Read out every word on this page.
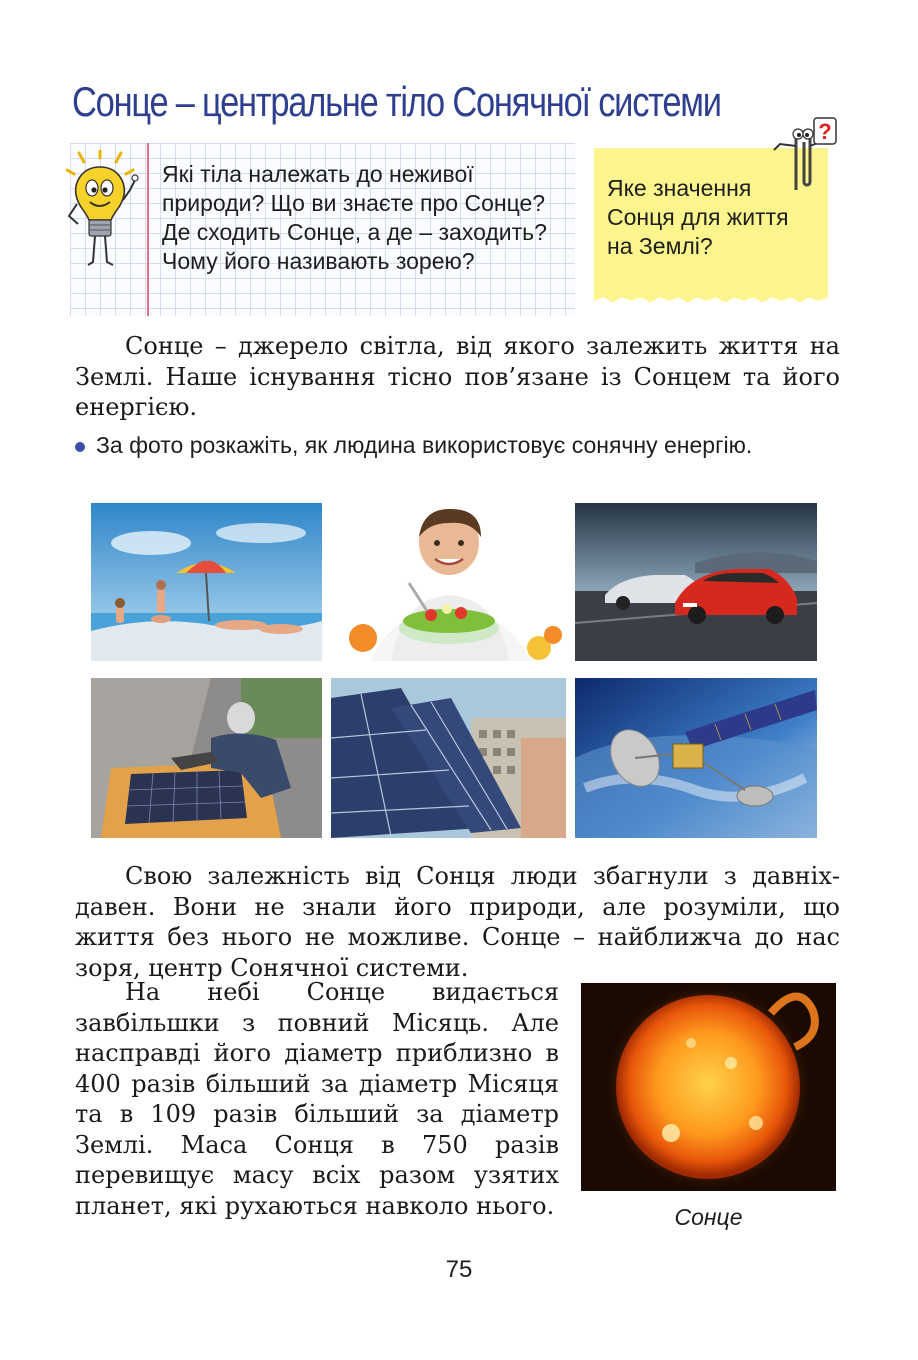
Сонце – центральне тіло Сонячної системи
Які тіла належать до неживої природи? Що ви знаєте про Сонце? Де сходить Сонце, а де – заходить? Чому його називають зорею?
Яке значення Сонця для життя на Землі?
?
Сонце – джерело світла, від якого залежить життя на Землі. Наше існування тісно пов’язане із Сонцем та його енергією.
За фото розкажіть, як людина використовує сонячну енергію.
Свою залежність від Сонця люди збагнули з давніх-давен. Вони не знали його природи, але розуміли, що життя без нього не можливе. Сонце – найближча до нас зоря, центр Сонячної системи.
На небі Сонце видається завбільшки з повний Місяць. Але насправді його діаметр приблизно в 400 разів більший за діаметр Місяця та в 109 разів більший за діаметр Землі. Маса Сонця в 750 разів перевищує масу всіх разом узятих планет, які рухаються навколо нього.	Сонце
75
